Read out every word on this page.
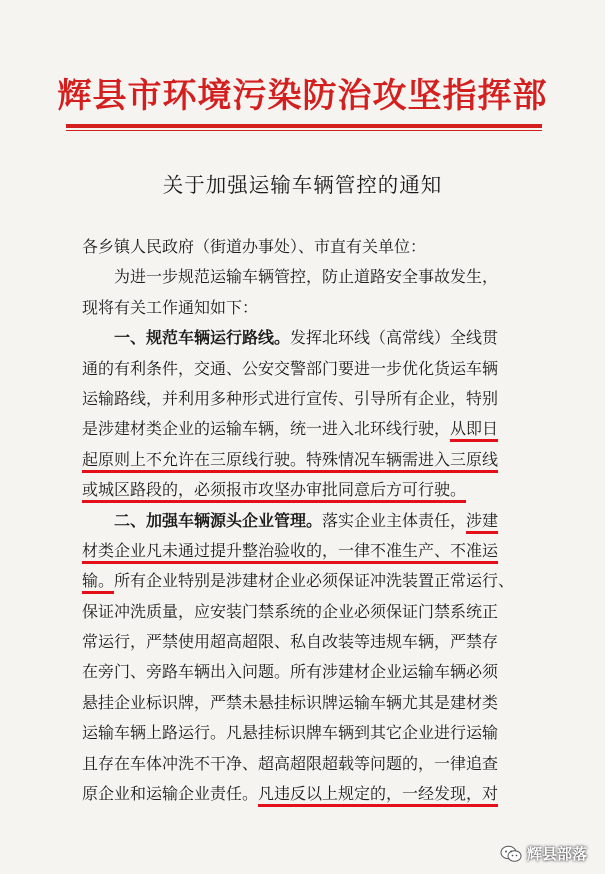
辉县市环境污染防治攻坚指挥部
关于加强运输车辆管控的通知
各乡镇人民政府（街道办事处）、市直有关单位：
为进一步规范运输车辆管控，防止道路安全事故发生，
现将有关工作通知如下：
一、规范车辆运行路线。发挥北环线（高常线）全线贯
通的有利条件，交通、公安交警部门要进一步优化货运车辆
运输路线，并利用多种形式进行宣传、引导所有企业，特别
是涉建材类企业的运输车辆，统一进入北环线行驶，从即日
起原则上不允许在三原线行驶。特殊情况车辆需进入三原线
或城区路段的，必须报市攻坚办审批同意后方可行驶。
二、加强车辆源头企业管理。落实企业主体责任，涉建
材类企业凡未通过提升整治验收的，一律不准生产、不准运
输。所有企业特别是涉建材企业必须保证冲洗装置正常运行、
保证冲洗质量，应安装门禁系统的企业必须保证门禁系统正
常运行，严禁使用超高超限、私自改装等违规车辆，严禁存
在旁门、旁路车辆出入问题。所有涉建材企业运输车辆必须
悬挂企业标识牌，严禁未悬挂标识牌运输车辆尤其是建材类
运输车辆上路运行。凡悬挂标识牌车辆到其它企业进行运输
且存在车体冲洗不干净、超高超限超载等问题的，一律追查
原企业和运输企业责任。凡违反以上规定的，一经发现，对
辉县部落
